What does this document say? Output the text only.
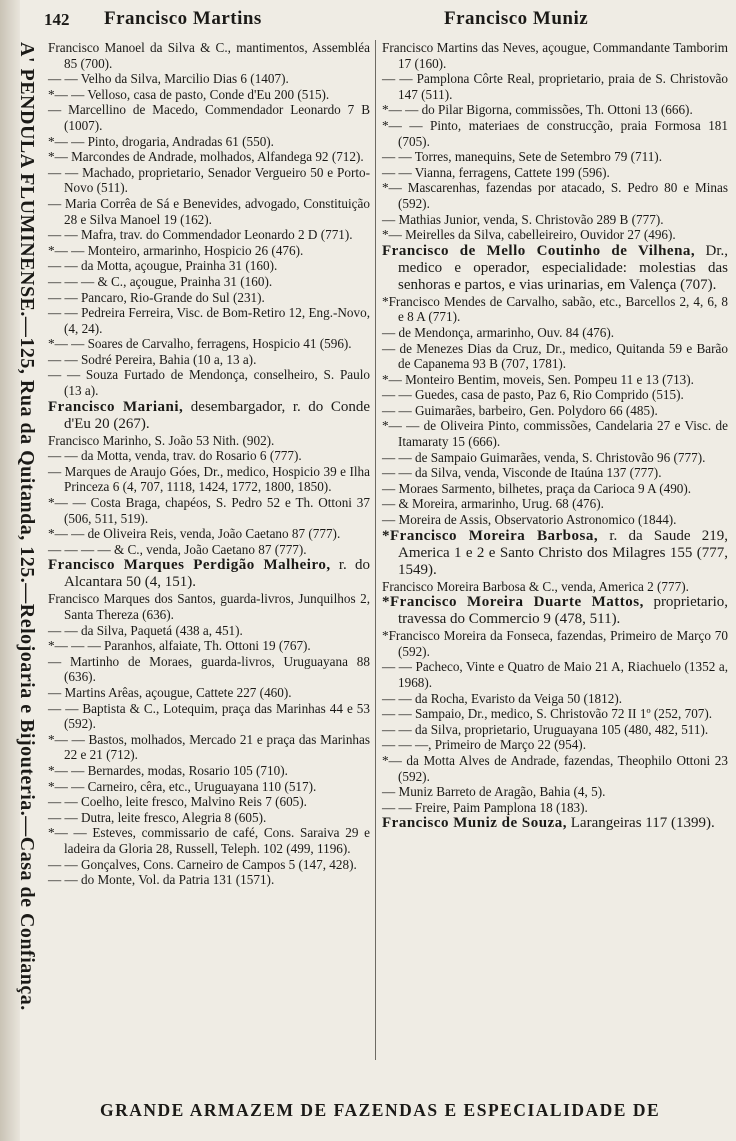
142 Francisco Martins	Francisco Muniz
A' PENDULA FLUMINENSE.—125, Rua da Quitanda, 125.—Relojoaria e Bijouteria.—Casa de Confiança. Francisco Manoel da Silva & C., mantimentos, Assembléa 85 (700).

— — Velho da Silva, Marcilio Dias 6 (1407).

*— — Velloso, casa de pasto, Conde d'Eu 200 (515).

— Marcellino de Macedo, Commendador Leonardo 7 B (1007).

*— — Pinto, drogaria, Andradas 61 (550).

*— Marcondes de Andrade, molhados, Alfandega 92 (712).

— — Machado, proprietario, Senador Vergueiro 50 e Porto-Novo (511).

— Maria Corrêa de Sá e Benevides, advogado, Constituição 28 e Silva Manoel 19 (162).

— — Mafra, trav. do Commendador Leonardo 2 D (771).

*— — Monteiro, armarinho, Hospicio 26 (476).

— — da Motta, açougue, Prainha 31 (160).

— — — & C., açougue, Prainha 31 (160).

— — Pancaro, Rio-Grande do Sul (231).

— — Pedreira Ferreira, Visc. de Bom-Retiro 12, Eng.-Novo, (4, 24).

*— — Soares de Carvalho, ferragens, Hospicio 41 (596).

— — Sodré Pereira, Bahia (10 a, 13 a).

— — Souza Furtado de Mendonça, conselheiro, S. Paulo (13 a).

Francisco Mariani, desembargador, r. do Conde d'Eu 20 (267).

Francisco Marinho, S. João 53 Nith. (902).

— — da Motta, venda, trav. do Rosario 6 (777).

— Marques de Araujo Góes, Dr., medico, Hospicio 39 e Ilha Princeza 6 (4, 707, 1118, 1424, 1772, 1800, 1850).

*— — Costa Braga, chapéos, S. Pedro 52 e Th. Ottoni 37 (506, 511, 519).

*— — de Oliveira Reis, venda, João Caetano 87 (777).

— — — — & C., venda, João Caetano 87 (777).

Francisco Marques Perdigão Malheiro, r. do Alcantara 50 (4, 151).

Francisco Marques dos Santos, guarda-livros, Junquilhos 2, Santa Thereza (636).

— — da Silva, Paquetá (438 a, 451).

*— — — Paranhos, alfaiate, Th. Ottoni 19 (767).

— Martinho de Moraes, guarda-livros, Uruguayana 88 (636).

— Martins Arêas, açougue, Cattete 227 (460).

— — Baptista & C., Lotequim, praça das Marinhas 44 e 53 (592).

*— — Bastos, molhados, Mercado 21 e praça das Marinhas 22 e 21 (712).

*— — Bernardes, modas, Rosario 105 (710).

*— — Carneiro, cêra, etc., Uruguayana 110 (517).

— — Coelho, leite fresco, Malvino Reis 7 (605).

— — Dutra, leite fresco, Alegria 8 (605).

*— — Esteves, commissario de café, Cons. Saraiva 29 e ladeira da Gloria 28, Russell, Teleph. 102 (499, 1196).

— — Gonçalves, Cons. Carneiro de Campos 5 (147, 428).

— — do Monte, Vol. da Patria 131 (1571).

Francisco Martins das Neves, açougue, Commandante Tamborim 17 (160).

— — Pamplona Côrte Real, proprietario, praia de S. Christovão 147 (511).

*— — do Pilar Bigorna, commissões, Th. Ottoni 13 (666).

*— — Pinto, materiaes de construcção, praia Formosa 181 (705).

— — Torres, manequins, Sete de Setembro 79 (711).

— — Vianna, ferragens, Cattete 199 (596).

*— Mascarenhas, fazendas por atacado, S. Pedro 80 e Minas (592).

— Mathias Junior, venda, S. Christovão 289 B (777).

*— Meirelles da Silva, cabelleireiro, Ouvidor 27 (496).

Francisco de Mello Coutinho de Vilhena, Dr., medico e operador, especialidade: molestias das senhoras e partos, e vias urinarias, em Valença (707).

*Francisco Mendes de Carvalho, sabão, etc., Barcellos 2, 4, 6, 8 e 8 A (771).

— de Mendonça, armarinho, Ouv. 84 (476).

— de Menezes Dias da Cruz, Dr., medico, Quitanda 59 e Barão de Capanema 93 B (707, 1781).

*— Monteiro Bentim, moveis, Sen. Pompeu 11 e 13 (713).

— — Guedes, casa de pasto, Paz 6, Rio Comprido (515).

— — Guimarães, barbeiro, Gen. Polydoro 66 (485).

*— — de Oliveira Pinto, commissões, Candelaria 27 e Visc. de Itamaraty 15 (666).

— — de Sampaio Guimarães, venda, S. Christovão 96 (777).

— — da Silva, venda, Visconde de Itaúna 137 (777).

— Moraes Sarmento, bilhetes, praça da Carioca 9 A (490).

— & Moreira, armarinho, Urug. 68 (476).

— Moreira de Assis, Observatorio Astronomico (1844).

*Francisco Moreira Barbosa, r. da Saude 219, America 1 e 2 e Santo Christo dos Milagres 155 (777, 1549).

Francisco Moreira Barbosa & C., venda, America 2 (777).

*Francisco Moreira Duarte Mattos, proprietario, travessa do Commercio 9 (478, 511).

*Francisco Moreira da Fonseca, fazendas, Primeiro de Março 70 (592).

— — Pacheco, Vinte e Quatro de Maio 21 A, Riachuelo (1352 a, 1968).

— — da Rocha, Evaristo da Veiga 50 (1812).

— — Sampaio, Dr., medico, S. Christovão 72 II 1º (252, 707).

— — da Silva, proprietario, Uruguayana 105 (480, 482, 511).

— — —, Primeiro de Março 22 (954).

*— da Motta Alves de Andrade, fazendas, Theophilo Ottoni 23 (592).

— Muniz Barreto de Aragão, Bahia (4, 5).

— — Freire, Paim Pamplona 18 (183).

Francisco Muniz de Souza, Larangeiras 117 (1399).

GRANDE ARMAZEM DE FAZENDAS E ESPECIALIDADE DE
